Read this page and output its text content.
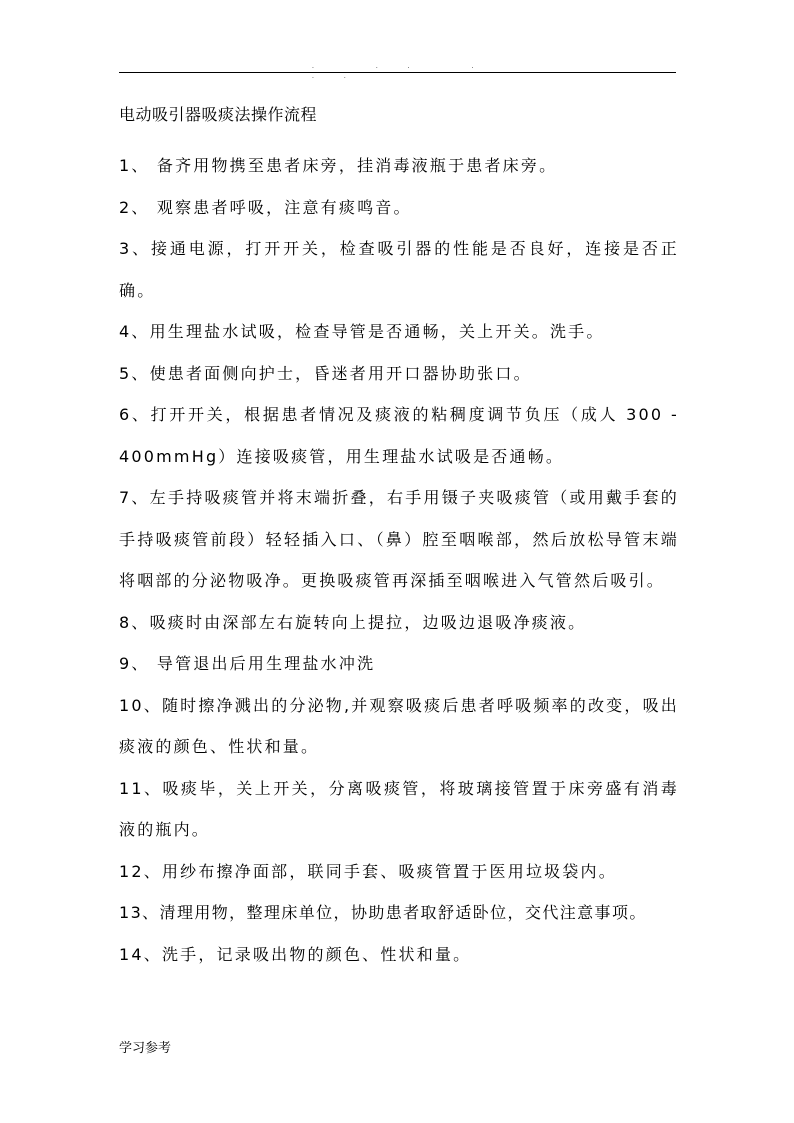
. .. . ..
电动吸引器吸痰法操作流程
1、 备齐用物携至患者床旁，挂消毒液瓶于患者床旁。
2、 观察患者呼吸，注意有痰鸣音。
3、接通电源，打开开关，检查吸引器的性能是否良好，连接是否正确。
4、用生理盐水试吸，检查导管是否通畅，关上开关。洗手。
5、使患者面侧向护士，昏迷者用开口器协助张口。
6、打开开关，根据患者情况及痰液的粘稠度调节负压（成人 300 - 400mmHg）连接吸痰管，用生理盐水试吸是否通畅。
7、左手持吸痰管并将末端折叠，右手用镊子夹吸痰管（或用戴手套的手持吸痰管前段）轻轻插入口、（鼻）腔至咽喉部，然后放松导管末端将咽部的分泌物吸净。更换吸痰管再深插至咽喉进入气管然后吸引。
8、吸痰时由深部左右旋转向上提拉，边吸边退吸净痰液。
9、 导管退出后用生理盐水冲洗
10、随时擦净溅出的分泌物,并观察吸痰后患者呼吸频率的改变，吸出痰液的颜色、性状和量。
11、吸痰毕，关上开关，分离吸痰管，将玻璃接管置于床旁盛有消毒液的瓶内。
12、用纱布擦净面部，联同手套、吸痰管置于医用垃圾袋内。
13、清理用物，整理床单位，协助患者取舒适卧位，交代注意事项。
14、洗手，记录吸出物的颜色、性状和量。
学习参考
